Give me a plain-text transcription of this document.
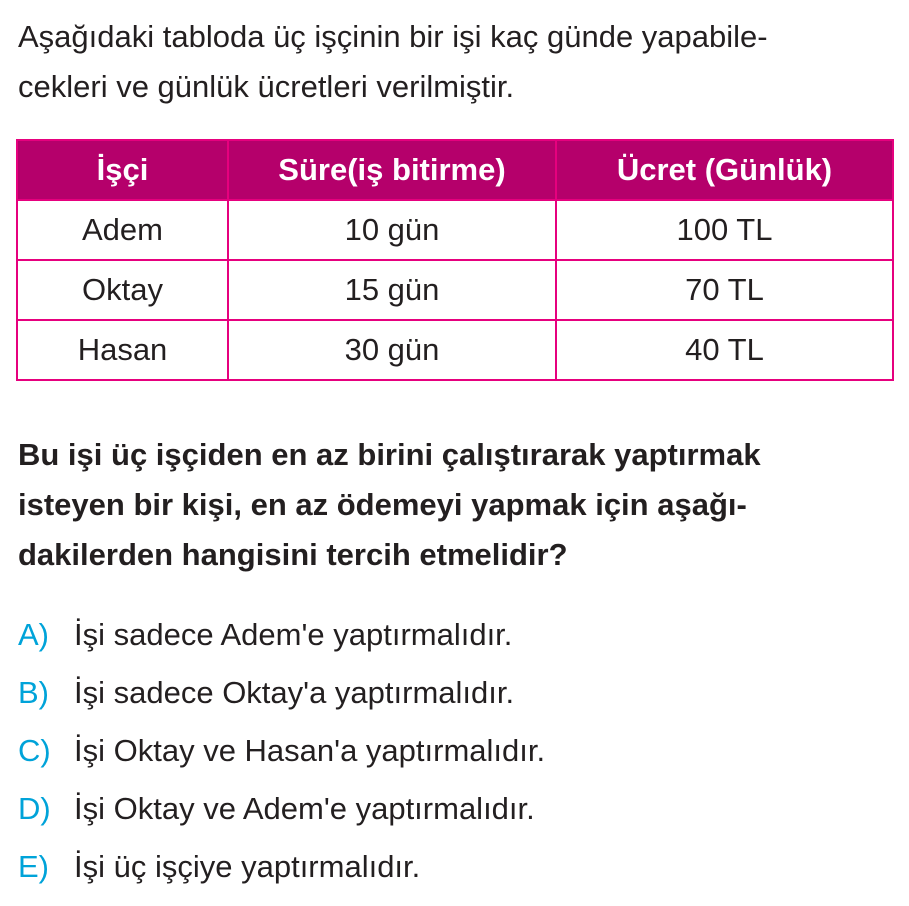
Aşağıdaki tabloda üç işçinin bir işi kaç günde yapabile-
cekleri ve günlük ücretleri verilmiştir.
İşçi	Süre(iş bitirme)	Ücret (Günlük)
Adem	10 gün	100 TL
Oktay	15 gün	70 TL
Hasan	30 gün	40 TL
Bu işi üç işçiden en az birini çalıştırarak yaptırmak
isteyen bir kişi, en az ödemeyi yapmak için aşağı-
dakilerden hangisini tercih etmelidir?
A) İşi sadece Adem'e yaptırmalıdır.
B) İşi sadece Oktay'a yaptırmalıdır.
C) İşi Oktay ve Hasan'a yaptırmalıdır.
D) İşi Oktay ve Adem'e yaptırmalıdır.
E) İşi üç işçiye yaptırmalıdır.
